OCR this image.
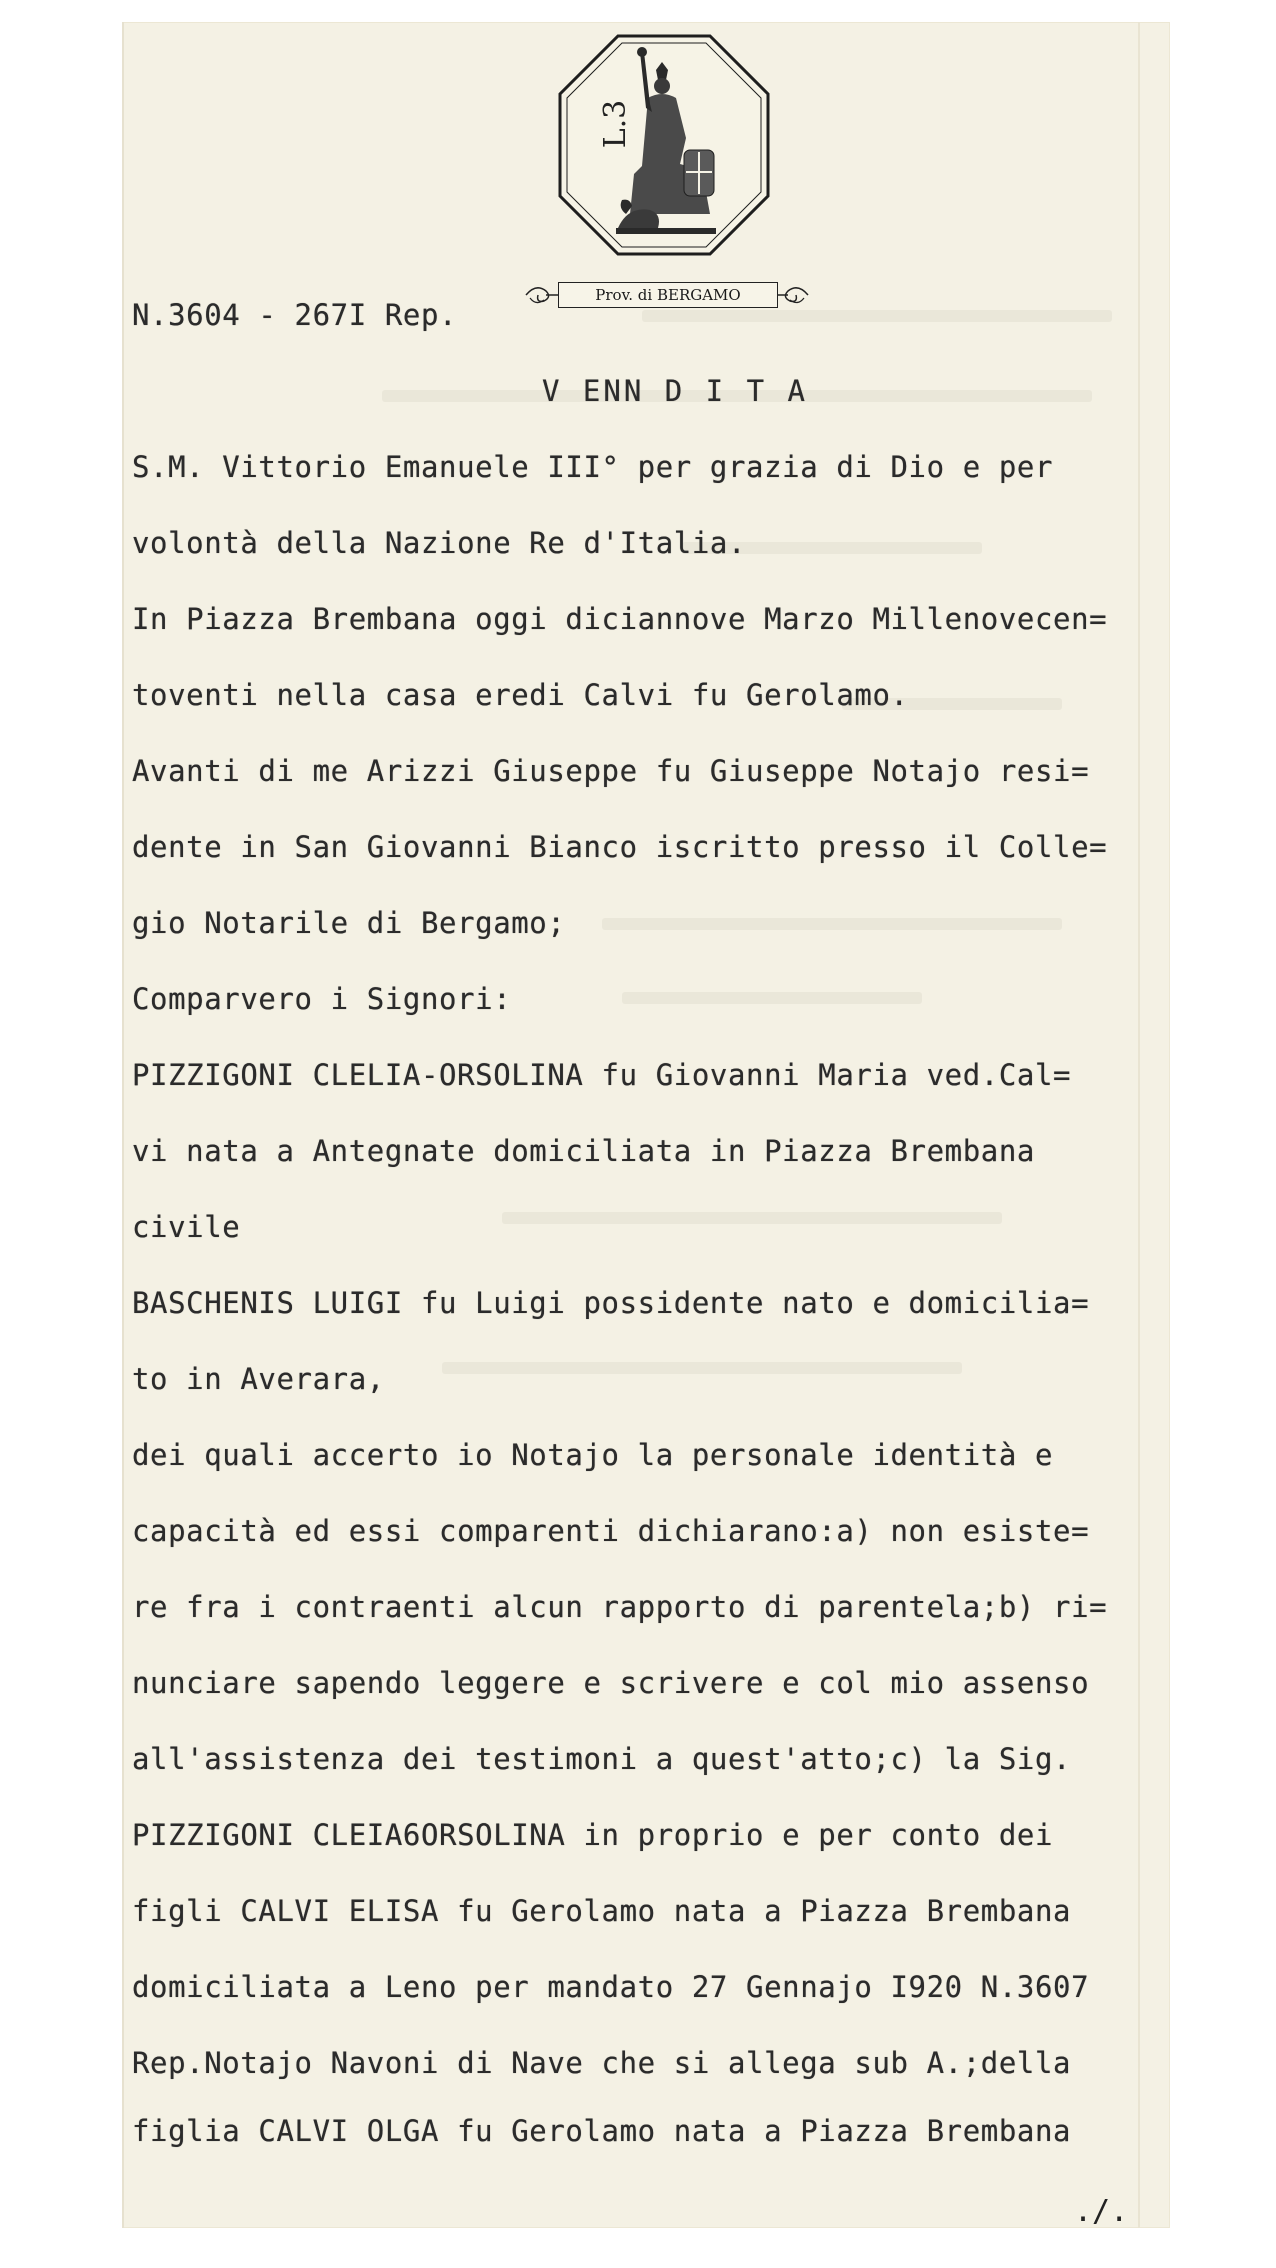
L.3
Prov. di BERGAMO
N.3604 - 267I Rep.
V ENN D I T A
S.M. Vittorio Emanuele III° per grazia di Dio e per
volontà della Nazione Re d'Italia.
In Piazza Brembana oggi diciannove Marzo Millenovecen=
toventi nella casa eredi Calvi fu Gerolamo.
Avanti di me Arizzi Giuseppe fu Giuseppe Notajo resi=
dente in San Giovanni Bianco iscritto presso il Colle=
gio Notarile di Bergamo;
Comparvero i Signori:
PIZZIGONI CLELIA-ORSOLINA fu Giovanni Maria ved.Cal=
vi nata a Antegnate domiciliata in Piazza Brembana
civile
BASCHENIS LUIGI fu Luigi possidente nato e domicilia=
to in Averara,
dei quali accerto io Notajo la personale identità e
capacità ed essi comparenti dichiarano:a) non esiste=
re fra i contraenti alcun rapporto di parentela;b) ri=
nunciare sapendo leggere e scrivere e col mio assenso
all'assistenza dei testimoni a quest'atto;c) la Sig.
PIZZIGONI CLEIA6ORSOLINA in proprio e per conto dei
figli CALVI ELISA fu Gerolamo nata a Piazza Brembana
domiciliata a Leno per mandato 27 Gennajo I920 N.3607
Rep.Notajo Navoni di Nave che si allega sub A.;della
figlia CALVI OLGA fu Gerolamo nata a Piazza Brembana
./.
